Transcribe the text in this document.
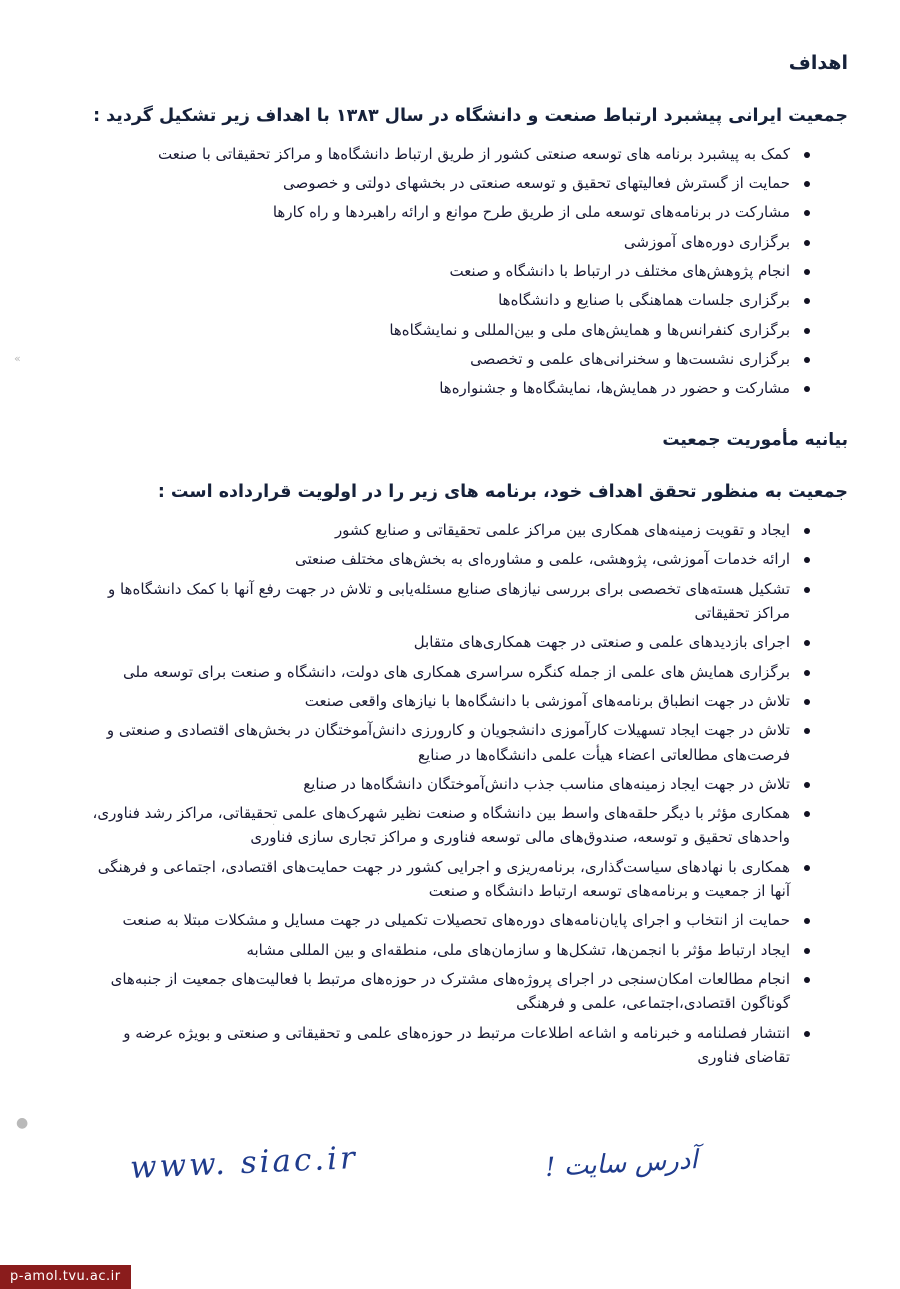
»
●
·
اهداف

جمعیت ایرانی پیشبرد ارتباط صنعت و دانشگاه در سال ۱۳۸۳ با اهداف زیر تشکیل گردید :

کمک به پیشبرد برنامه های توسعه صنعتی کشور از طریق ارتباط دانشگاه‌ها و مراکز تحقیقاتی با صنعت
حمایت از گسترش فعالیتهای تحقیق و توسعه صنعتی در بخشهای دولتی و خصوصی
مشارکت در برنامه‌های توسعه ملی از طریق طرح موانع و ارائه راهبردها و راه کارها
برگزاری دوره‌های آموزشی
انجام پژوهش‌های مختلف در ارتباط با دانشگاه و صنعت
برگزاری جلسات هماهنگی با صنایع و دانشگاه‌ها
برگزاری کنفرانس‌ها و همایش‌های ملی و بین‌المللی و نمایشگاه‌ها
برگزاری نشست‌ها و سخنرانی‌های علمی و تخصصی
مشارکت و حضور در همایش‌ها، نمایشگاه‌ها و جشنواره‌ها
بیانیه مأموریت جمعیت

جمعیت به منظور تحقق اهداف خود، برنامه های زیر را در اولویت قرارداده است :

ایجاد و تقویت زمینه‌های همکاری بین مراکز علمی تحقیقاتی و صنایع کشور
ارائه خدمات آموزشی، پژوهشی، علمی و مشاوره‌ای به بخش‌های مختلف صنعتی
تشکیل هسته‌های تخصصی برای بررسی نیازهای صنایع مسئله‌یابی و تلاش در جهت رفع آنها با کمک دانشگاه‌ها و مراکز تحقیقاتی
اجرای بازدیدهای علمی و صنعتی در جهت همکاری‌های متقابل
برگزاری همایش های علمی از جمله کنگره سراسری همکاری های دولت، دانشگاه و صنعت برای توسعه ملی
تلاش در جهت انطباق برنامه‌های آموزشی با دانشگاه‌ها با نیازهای واقعی صنعت
تلاش در جهت ایجاد تسهیلات کارآموزی دانشجویان و کارورزی دانش‌آموختگان در بخش‌های اقتصادی و صنعتی و فرصت‌های مطالعاتی اعضاء هیأت علمی دانشگاه‌ها در صنایع
تلاش در جهت ایجاد زمینه‌های مناسب جذب دانش‌آموختگان دانشگاه‌ها در صنایع
همکاری مؤثر با دیگر حلقه‌های واسط بین دانشگاه و صنعت نظیر شهرک‌های علمی تحقیقاتی، مراکز رشد فناوری، واحدهای تحقیق و توسعه، صندوق‌های مالی توسعه فناوری و مراکز تجاری سازی فناوری
همکاری با نهادهای سیاست‌گذاری، برنامه‌ریزی و اجرایی کشور در جهت حمایت‌های اقتصادی، اجتماعی و فرهنگی آنها از جمعیت و برنامه‌های توسعه ارتباط دانشگاه و صنعت
حمایت از انتخاب و اجرای پایان‌نامه‌های دوره‌های تحصیلات تکمیلی در جهت مسایل و مشکلات مبتلا به صنعت
ایجاد ارتباط مؤثر با انجمن‌ها، تشکل‌ها و سازمان‌های ملی، منطقه‌ای و بین المللی مشابه
انجام مطالعات امکان‌سنجی در اجرای پروژه‌های مشترک در حوزه‌های مرتبط با فعالیت‌های جمعیت از جنبه‌های گوناگون اقتصادی،اجتماعی، علمی و فرهنگی
انتشار فصلنامه و خبرنامه و اشاعه اطلاعات مرتبط در حوزه‌های علمی و تحقیقاتی و صنعتی و بویژه عرضه و تقاضای فناوری
www. siac.ir	آدرس سایت !
p-amol.tvu.ac.ir
